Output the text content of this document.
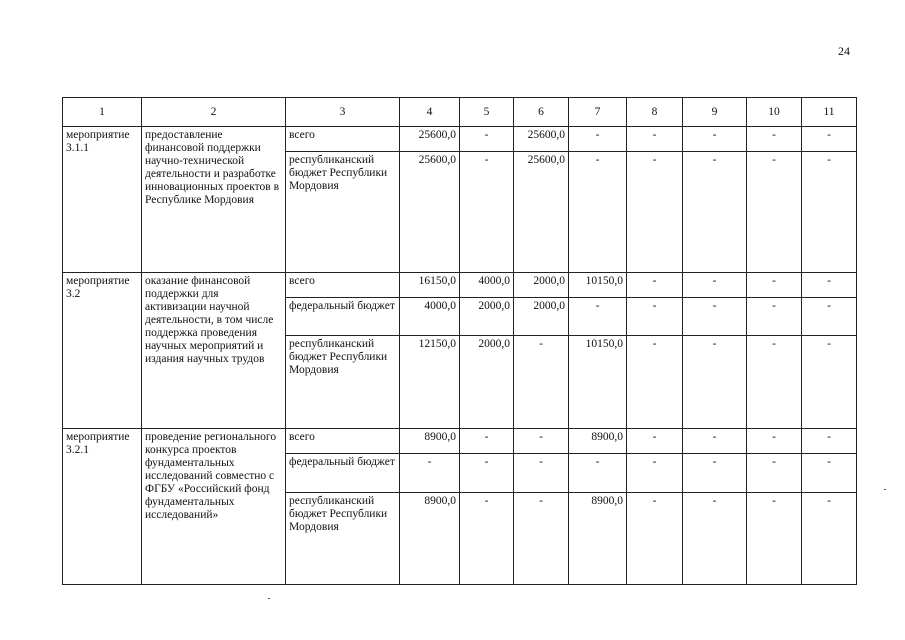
24
1	2	3	4	5	6	7	8	9	10	11
мероприятие 3.1.1	предоставление финансовой поддержки научно-технической деятельности и разработке инновационных проектов в Республике Мордовия	всего	25600,0	-	25600,0	-	-	-	-	-
		республиканский бюджет Республики Мордовия	25600,0	-	25600,0	-	-	-	-	-
мероприятие 3.2	оказание финансовой поддержки для активизации научной деятельности, в том числе поддержка проведения научных мероприятий и издания научных трудов	всего	16150,0	4000,0	2000,0	10150,0	-	-	-	-
		федеральный бюджет	4000,0	2000,0	2000,0	-	-	-	-	-
		республиканский бюджет Республики Мордовия	12150,0	2000,0	-	10150,0	-	-	-	-
мероприятие 3.2.1	проведение регионального конкурса проектов фундаментальных исследований совместно с ФГБУ «Российский фонд фундаментальных исследований»	всего	8900,0	-	-	8900,0	-	-	-	-
		федеральный бюджет	-	-	-	-	-	-	-	-
		республиканский бюджет Республики Мордовия	8900,0	-	-	8900,0	-	-	-	-
